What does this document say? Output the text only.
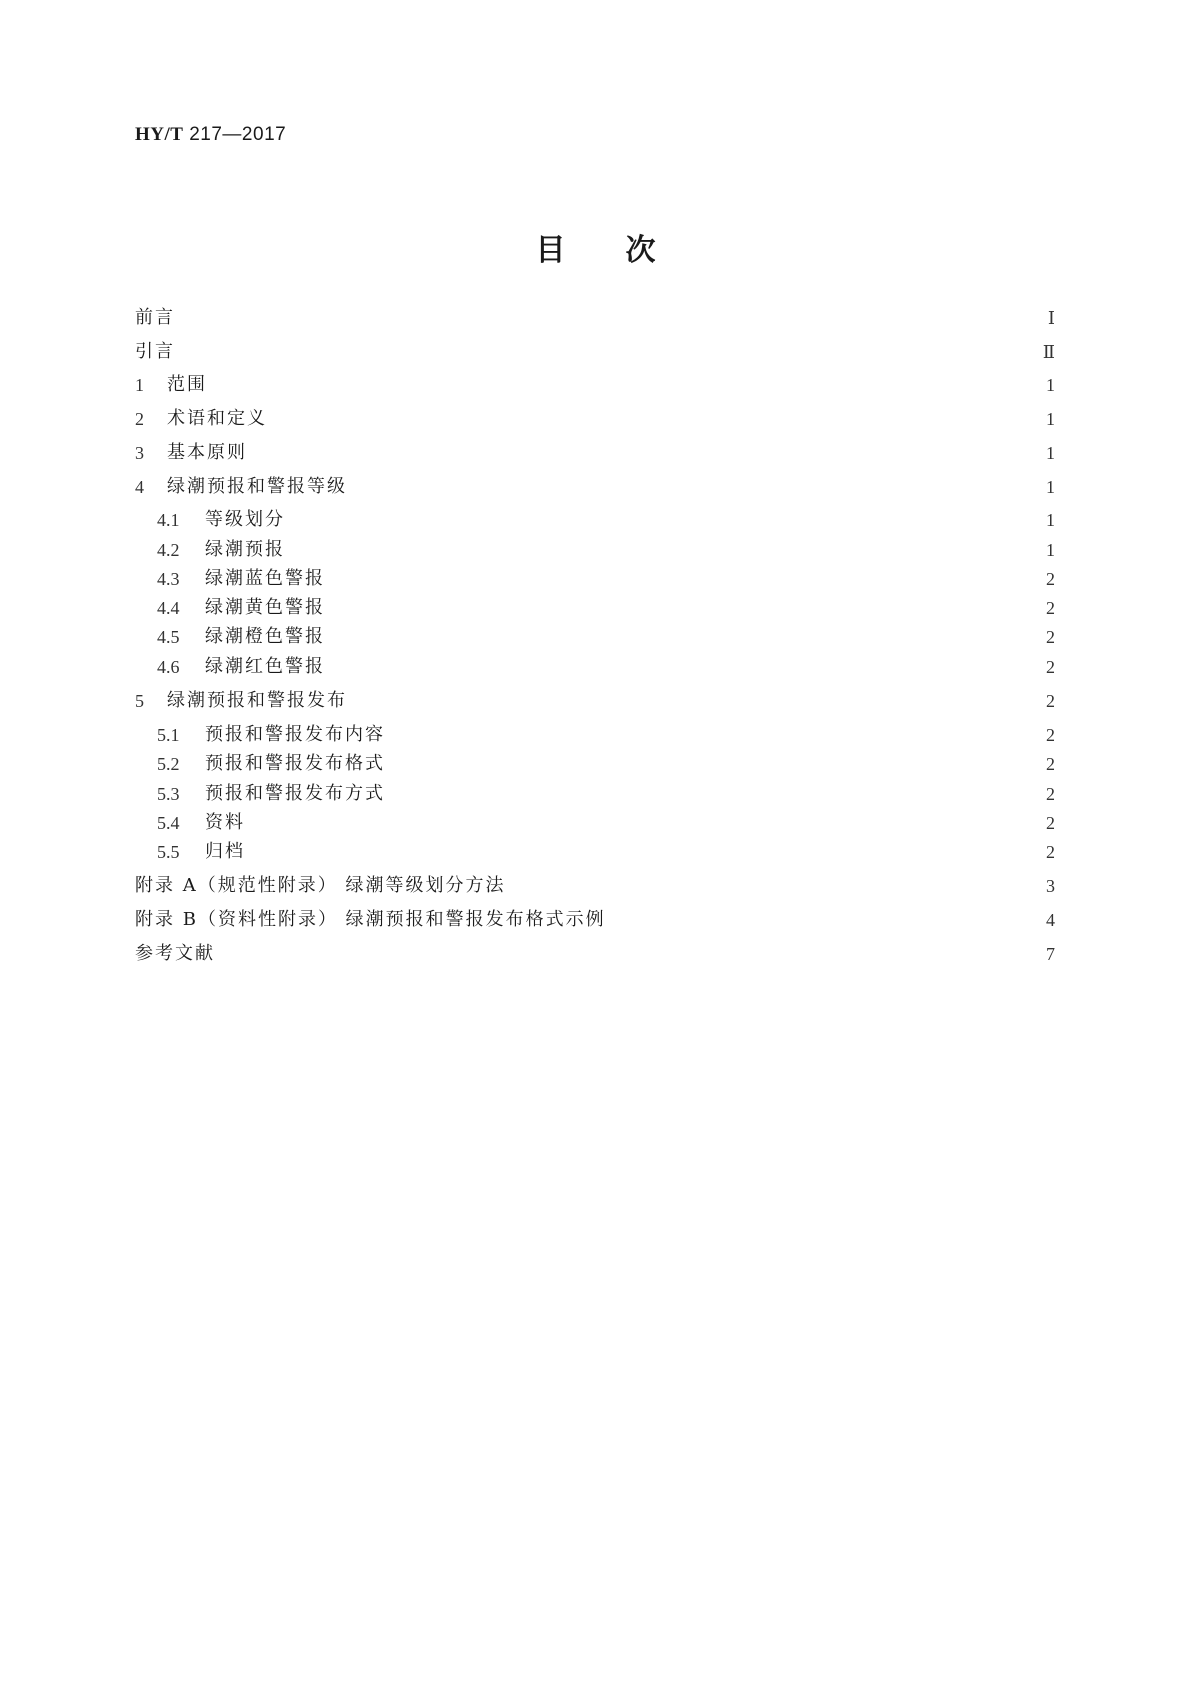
HY/T 217—2017
目次
前言	Ⅰ
引言	Ⅱ
1	范围	1
2	术语和定义	1
3	基本原则	1
4	绿潮预报和警报等级	1
4.1	等级划分	1
4.2	绿潮预报	1
4.3	绿潮蓝色警报	2
4.4	绿潮黄色警报	2
4.5	绿潮橙色警报	2
4.6	绿潮红色警报	2
5	绿潮预报和警报发布	2
5.1	预报和警报发布内容	2
5.2	预报和警报发布格式	2
5.3	预报和警报发布方式	2
5.4	资料	2
5.5	归档	2
附录 A（规范性附录） 绿潮等级划分方法	3
附录 B（资料性附录） 绿潮预报和警报发布格式示例	4
参考文献	7
